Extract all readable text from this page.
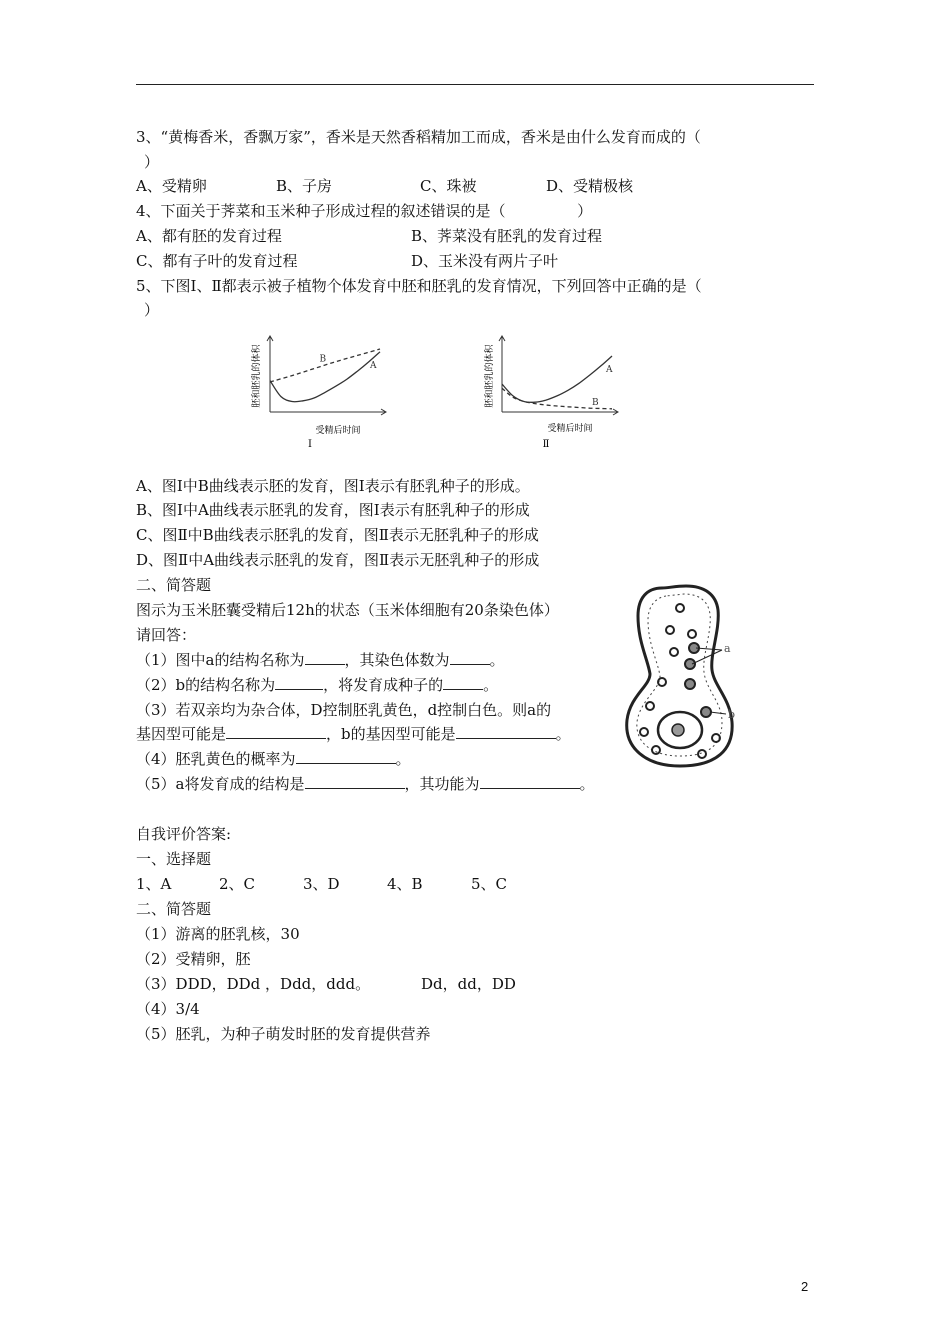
3、“黄梅香米，香飘万家”，香米是天然香稻精加工而成，香米是由什么发育而成的（
）
A、受精卵	B、子房	C、珠被	D、受精极核
4、下面关于荠菜和玉米种子形成过程的叙述错误的是（               ）
A、都有胚的发育过程	B、荠菜没有胚乳的发育过程
C、都有子叶的发育过程	D、玉米没有两片子叶
5、下图Ⅰ、Ⅱ都表示被子植物个体发育中胚和胚乳的发育情况，下列回答中正确的是（
）
A
B
胚和胚乳的体积
受精后时间
Ⅰ
A
B
胚和胚乳的体积
受精后时间
Ⅱ
A、图Ⅰ中B曲线表示胚的发育，图Ⅰ表示有胚乳种子的形成。
B、图Ⅰ中A曲线表示胚乳的发育，图Ⅰ表示有胚乳种子的形成
C、图Ⅱ中B曲线表示胚乳的发育，图Ⅱ表示无胚乳种子的形成
D、图Ⅱ中A曲线表示胚乳的发育，图Ⅱ表示无胚乳种子的形成
二、简答题
图示为玉米胚囊受精后12h的状态（玉米体细胞有20条染色体）
请回答：
（1）图中a的结构名称为	，其染色体数为	。
（2）b的结构名称为	，将发育成种子的	。
（3）若双亲均为杂合体，D控制胚乳黄色，d控制白色。则a的
基因型可能是	，b的基因型可能是	。
（4）胚乳黄色的概率为	。
（5）a将发育成的结构是	，其功能为	。
a
b
自我评价答案:
一、选择题
1、A	2、C	3、D	4、B	5、C
二、简答题
（1）游离的胚乳核，30
（2）受精卵，胚
（3）DDD，DDd ，Ddd，ddd。	Dd，dd，DD
（4）3/4
（5）胚乳，为种子萌发时胚的发育提供营养
2
